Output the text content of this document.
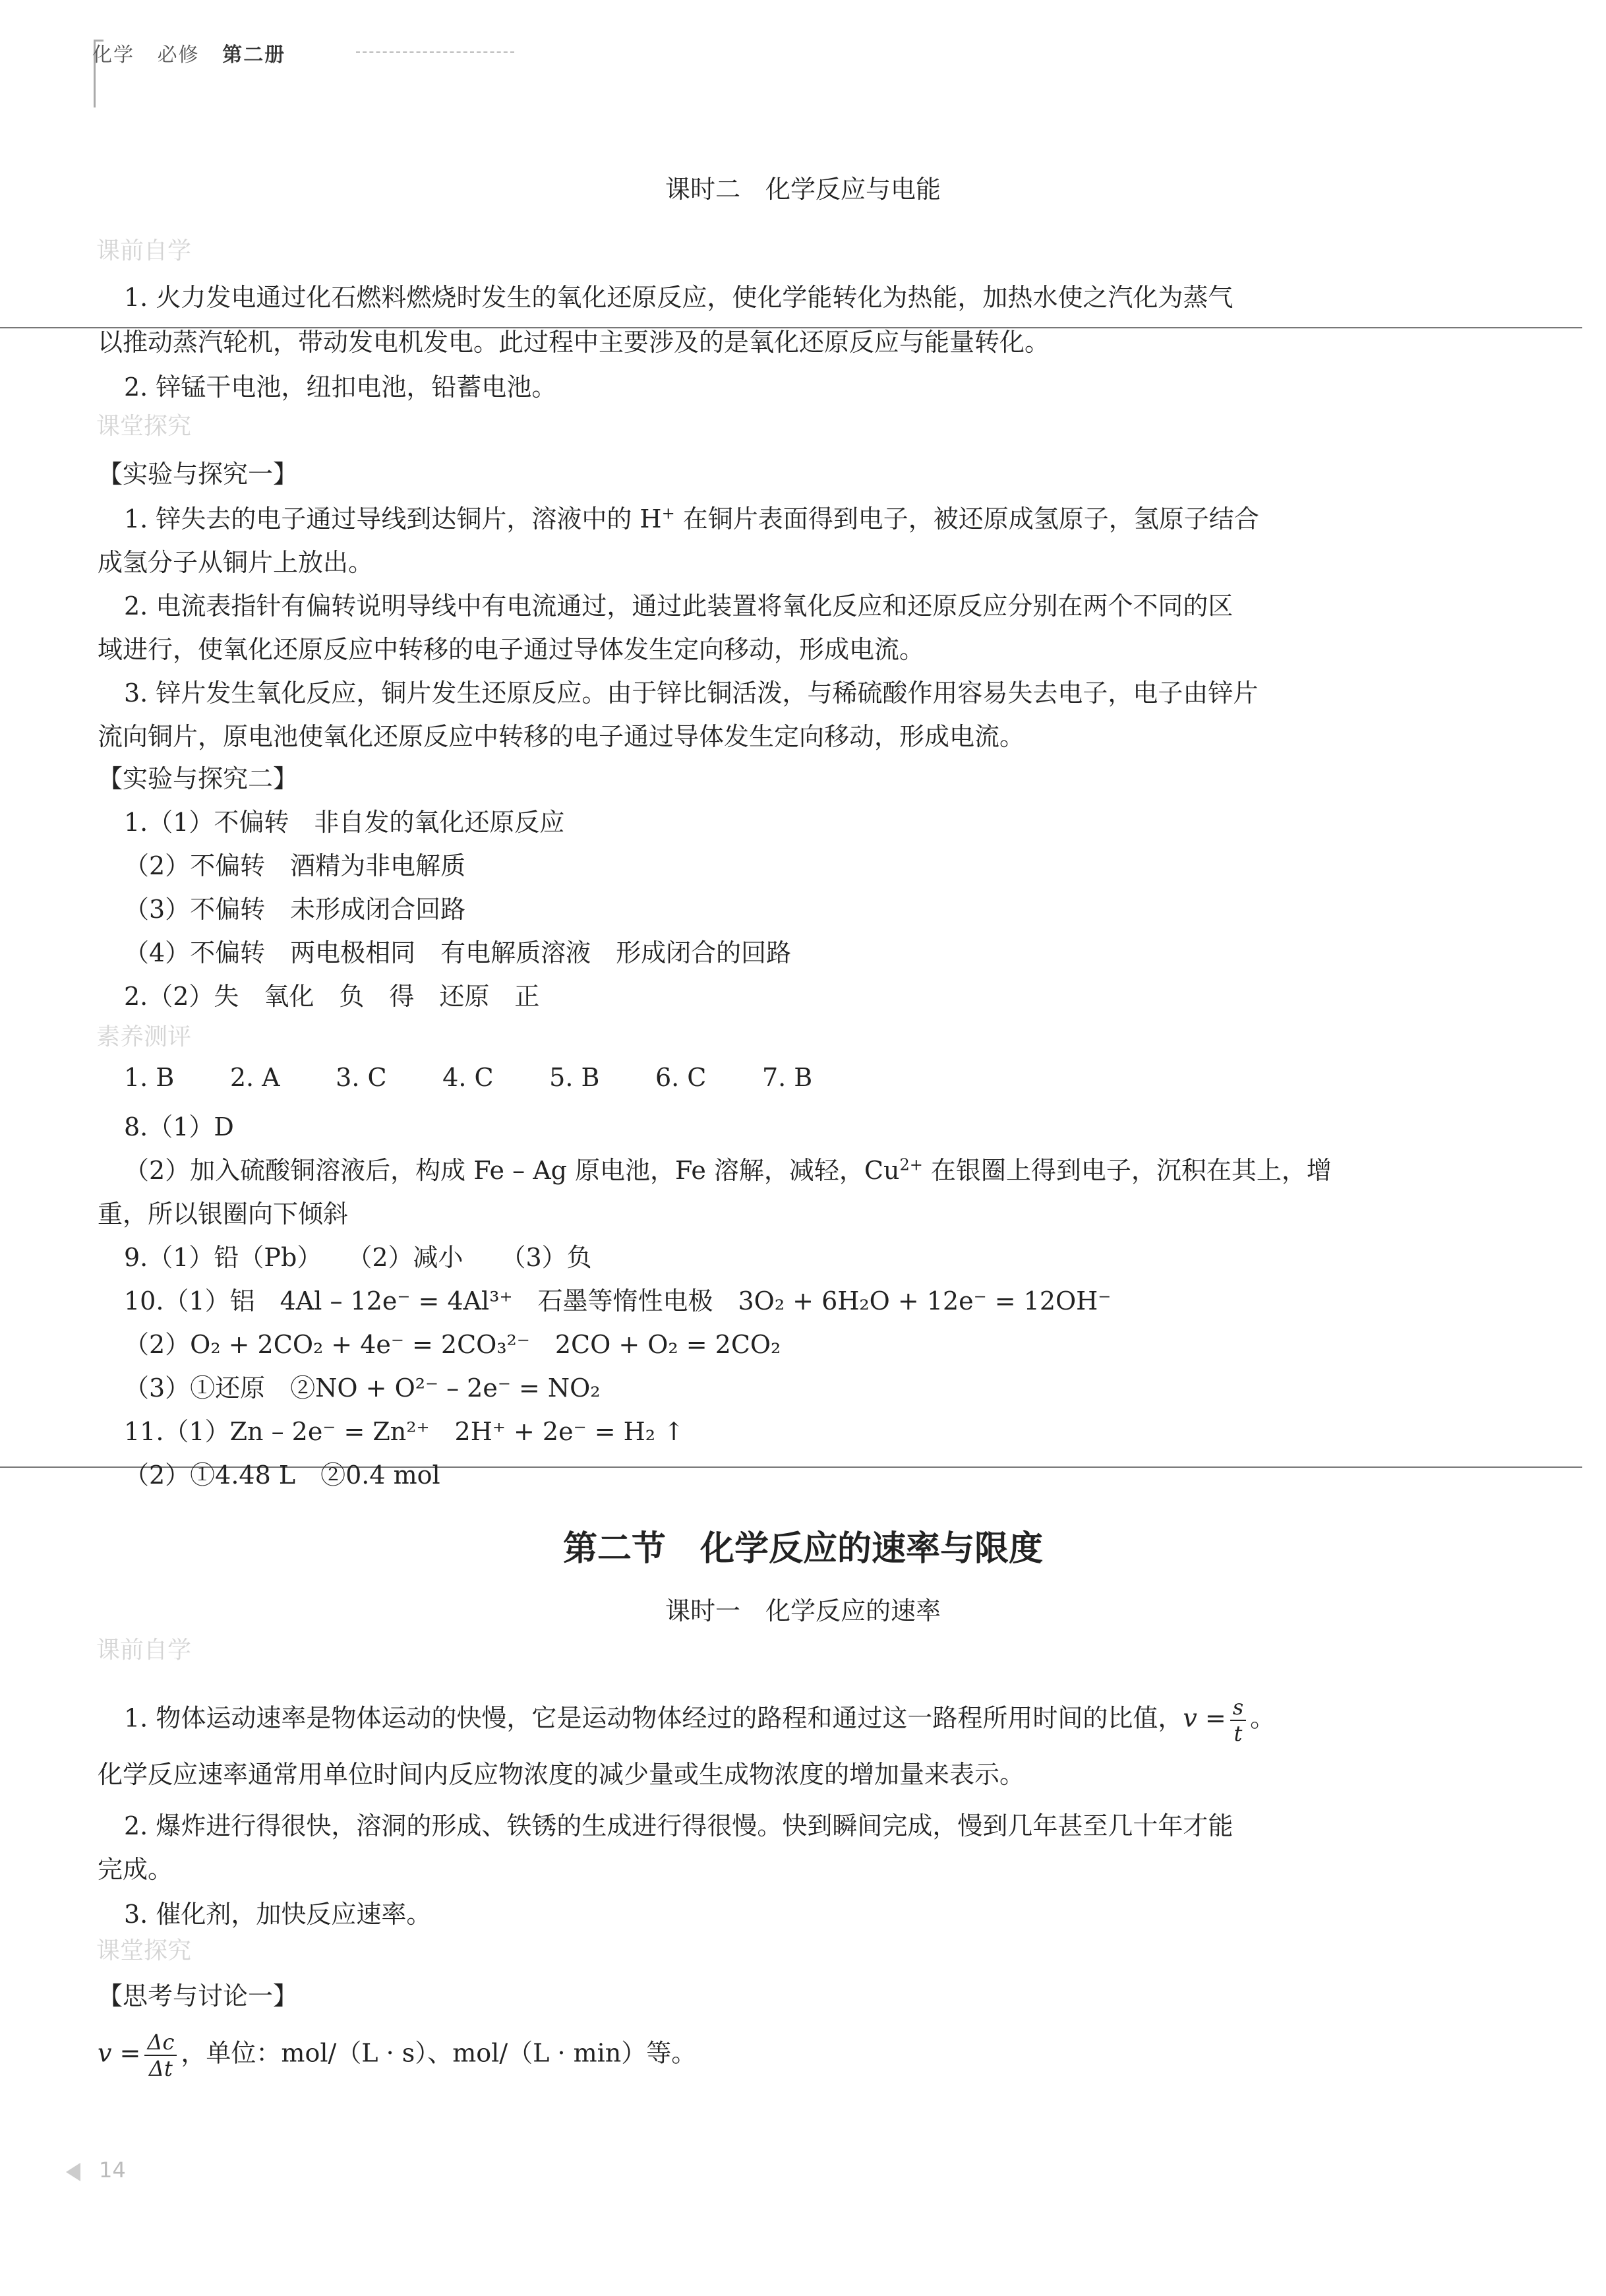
化学 必修 第二册
课时二　化学反应与电能
课前自学
1. 火力发电通过化石燃料燃烧时发生的氧化还原反应，使化学能转化为热能，加热水使之汽化为蒸气
以推动蒸汽轮机，带动发电机发电。此过程中主要涉及的是氧化还原反应与能量转化。
2. 锌锰干电池，纽扣电池，铅蓄电池。
课堂探究
【实验与探究一】
1. 锌失去的电子通过导线到达铜片，溶液中的 H+ 在铜片表面得到电子，被还原成氢原子，氢原子结合
成氢分子从铜片上放出。
2. 电流表指针有偏转说明导线中有电流通过，通过此装置将氧化反应和还原反应分别在两个不同的区
域进行，使氧化还原反应中转移的电子通过导体发生定向移动，形成电流。
3. 锌片发生氧化反应，铜片发生还原反应。由于锌比铜活泼，与稀硫酸作用容易失去电子，电子由锌片
流向铜片，原电池使氧化还原反应中转移的电子通过导体发生定向移动，形成电流。
【实验与探究二】
1.（1）不偏转　非自发的氧化还原反应
（2）不偏转　酒精为非电解质
（3）不偏转　未形成闭合回路
（4）不偏转　两电极相同　有电解质溶液　形成闭合的回路
2.（2）失　氧化　负　得　还原　正
素养测评
1. B 2. A 3. C 4. C 5. B 6. C 7. B
8.（1）D
（2）加入硫酸铜溶液后，构成 Fe – Ag 原电池，Fe 溶解，减轻，$Cu^{2+}$ 在银圈上得到电子，沉积在其上，增
重，所以银圈向下倾斜
9.（1）铅（Pb）　　（2）减小　　（3）负
10.（1）铝　4Al – 12e⁻ = 4Al³⁺　石墨等惰性电极　3O₂ + 6H₂O + 12e⁻ = 12OH⁻
（2）O₂ + 2CO₂ + 4e⁻ = 2CO₃²⁻　2CO + O₂ = 2CO₂
（3）①还原　②NO + O²⁻ – 2e⁻ = NO₂
11.（1）Zn – 2e⁻ = Zn²⁺　2H⁺ + 2e⁻ = H₂ ↑
（2）①4.48 L　②0.4 mol
第二节　化学反应的速率与限度
课时一　化学反应的速率
课前自学
1. 物体运动速率是物体运动的快慢，它是运动物体经过的路程和通过这一路程所用时间的比值，$v = \frac{s}{t}$ 。
化学反应速率通常用单位时间内反应物浓度的减少量或生成物浓度的增加量来表示。
2. 爆炸进行得很快，溶洞的形成、铁锈的生成进行得很慢。快到瞬间完成，慢到几年甚至几十年才能
完成。
3. 催化剂，加快反应速率。
课堂探究
【思考与讨论一】
$v = \frac{\Delta c}{\Delta t}$ ，单位：mol/（L · s）、mol/（L · min）等。
14
